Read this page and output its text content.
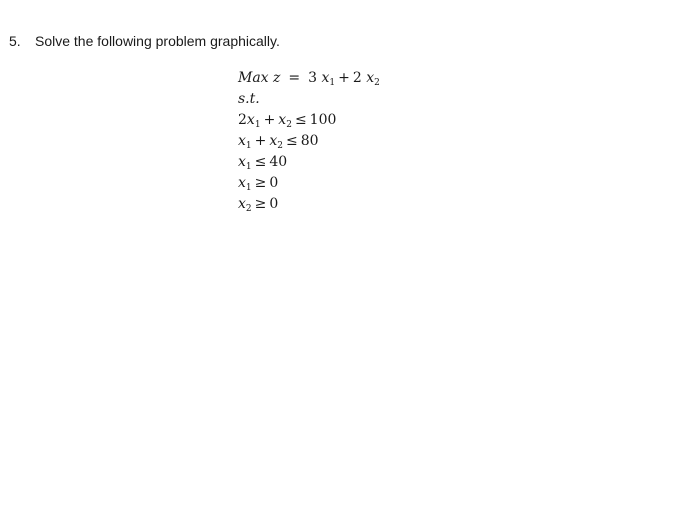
5. Solve the following problem graphically.
Max z = 3 $x_1 + 2$ $x_2$
s.t.
$2x_1 + x_2 \le 100$
$x_1 + x_2 \le 80$
$x_1 \le 40$
$x_1 \ge 0$
$x_2 \ge 0$
